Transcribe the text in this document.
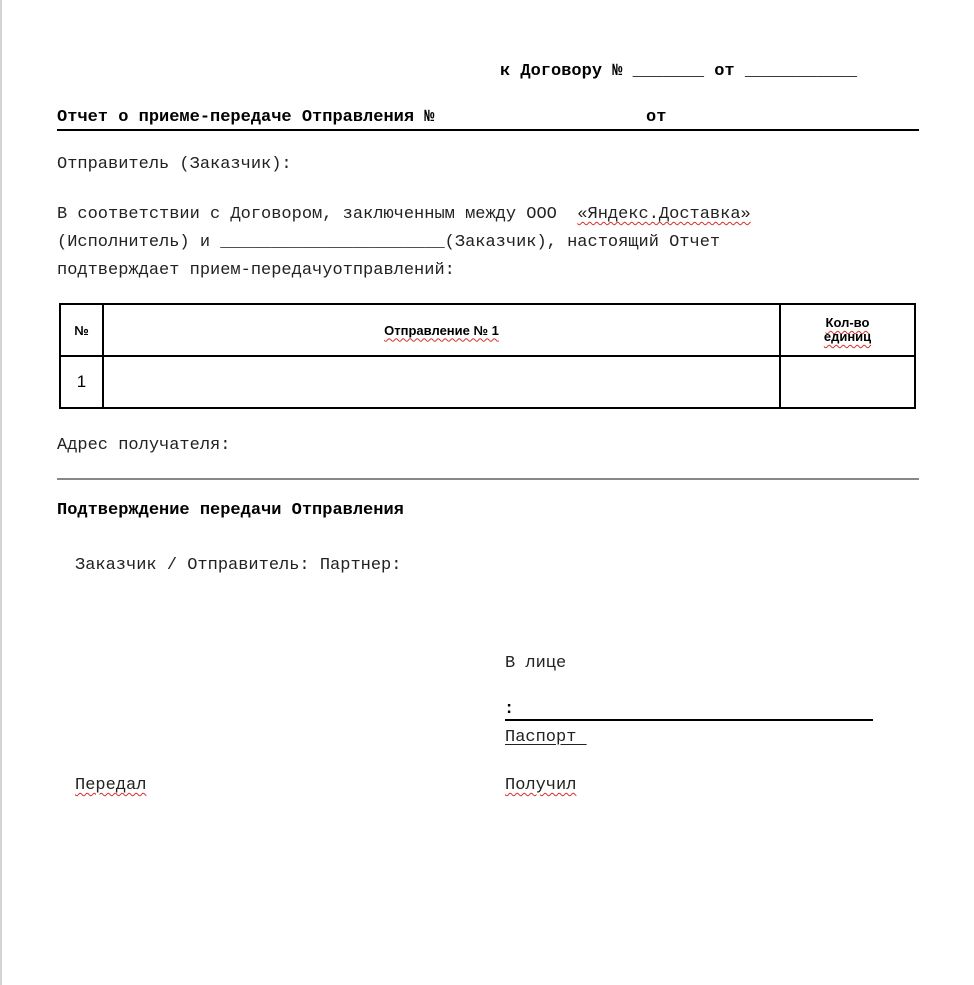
к Договору № _______ от ___________
Отчет о приеме-передаче Отправления №	от
Отправитель (Заказчик):
В соответствии с Договором, заключенным между ООО  «Яндекс.Доставка»
(Исполнитель) и ______________________(Заказчик), настоящий Отчет
подтверждает прием-передачуотправлений:
№	Отправление № 1	Кол-во
единиц
1		
Адрес получателя:
Подтверждение передачи Отправления
Заказчик / Отправитель: Партнер:
В лице
:
Паспорт
Передал	Получил
